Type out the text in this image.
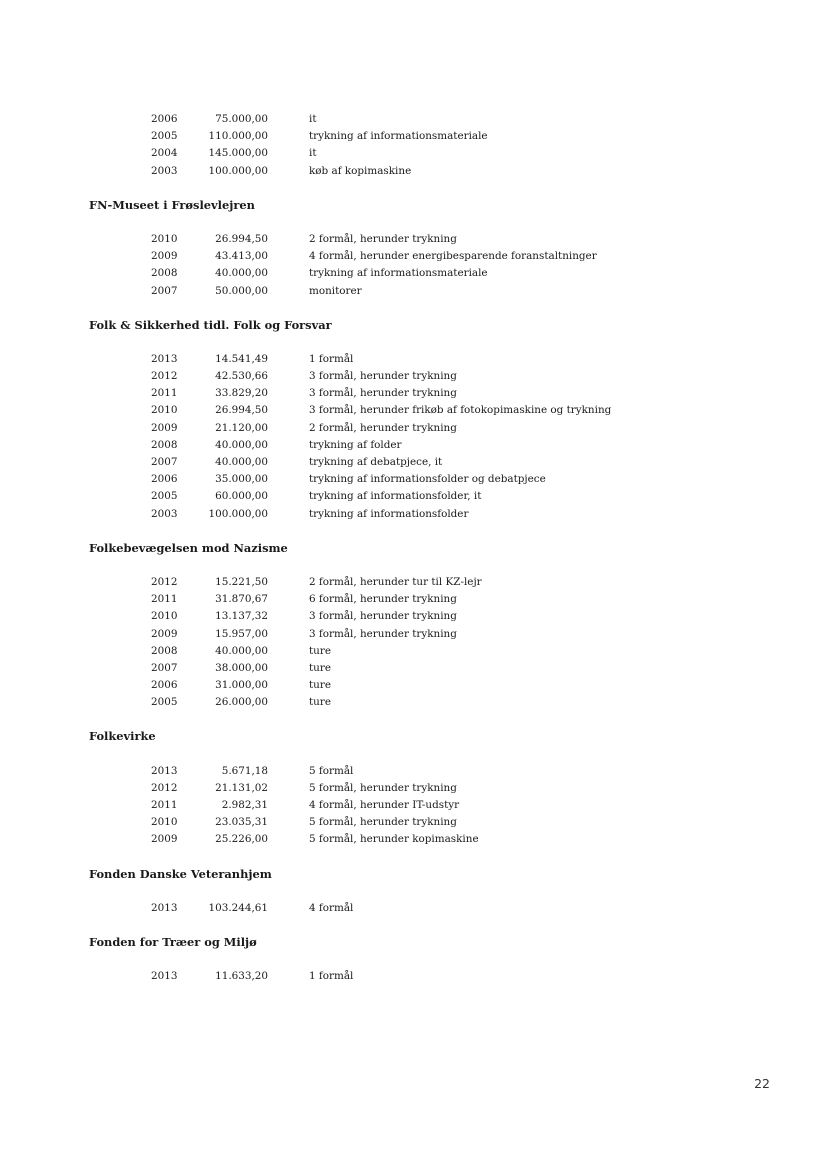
2006	75.000,00	it
2005	110.000,00	trykning af informationsmateriale
2004	145.000,00	it
2003	100.000,00	køb af kopimaskine
FN-Museet i Frøslevlejren
2010	26.994,50	2 formål, herunder trykning
2009	43.413,00	4 formål, herunder energibesparende foranstaltninger
2008	40.000,00	trykning af informationsmateriale
2007	50.000,00	monitorer
Folk & Sikkerhed tidl. Folk og Forsvar
2013	14.541,49	1 formål
2012	42.530,66	3 formål, herunder trykning
2011	33.829,20	3 formål, herunder trykning
2010	26.994,50	3 formål, herunder frikøb af fotokopimaskine og trykning
2009	21.120,00	2 formål, herunder trykning
2008	40.000,00	trykning af folder
2007	40.000,00	trykning af debatpjece, it
2006	35.000,00	trykning af informationsfolder og debatpjece
2005	60.000,00	trykning af informationsfolder, it
2003	100.000,00	trykning af informationsfolder
Folkebevægelsen mod Nazisme
2012	15.221,50	2 formål, herunder tur til KZ-lejr
2011	31.870,67	6 formål, herunder trykning
2010	13.137,32	3 formål, herunder trykning
2009	15.957,00	3 formål, herunder trykning
2008	40.000,00	ture
2007	38.000,00	ture
2006	31.000,00	ture
2005	26.000,00	ture
Folkevirke
2013	5.671,18	5 formål
2012	21.131,02	5 formål, herunder trykning
2011	2.982,31	4 formål, herunder IT-udstyr
2010	23.035,31	5 formål, herunder trykning
2009	25.226,00	5 formål, herunder kopimaskine
Fonden Danske Veteranhjem
2013	103.244,61	4 formål
Fonden for Træer og Miljø
2013	11.633,20	1 formål
22
